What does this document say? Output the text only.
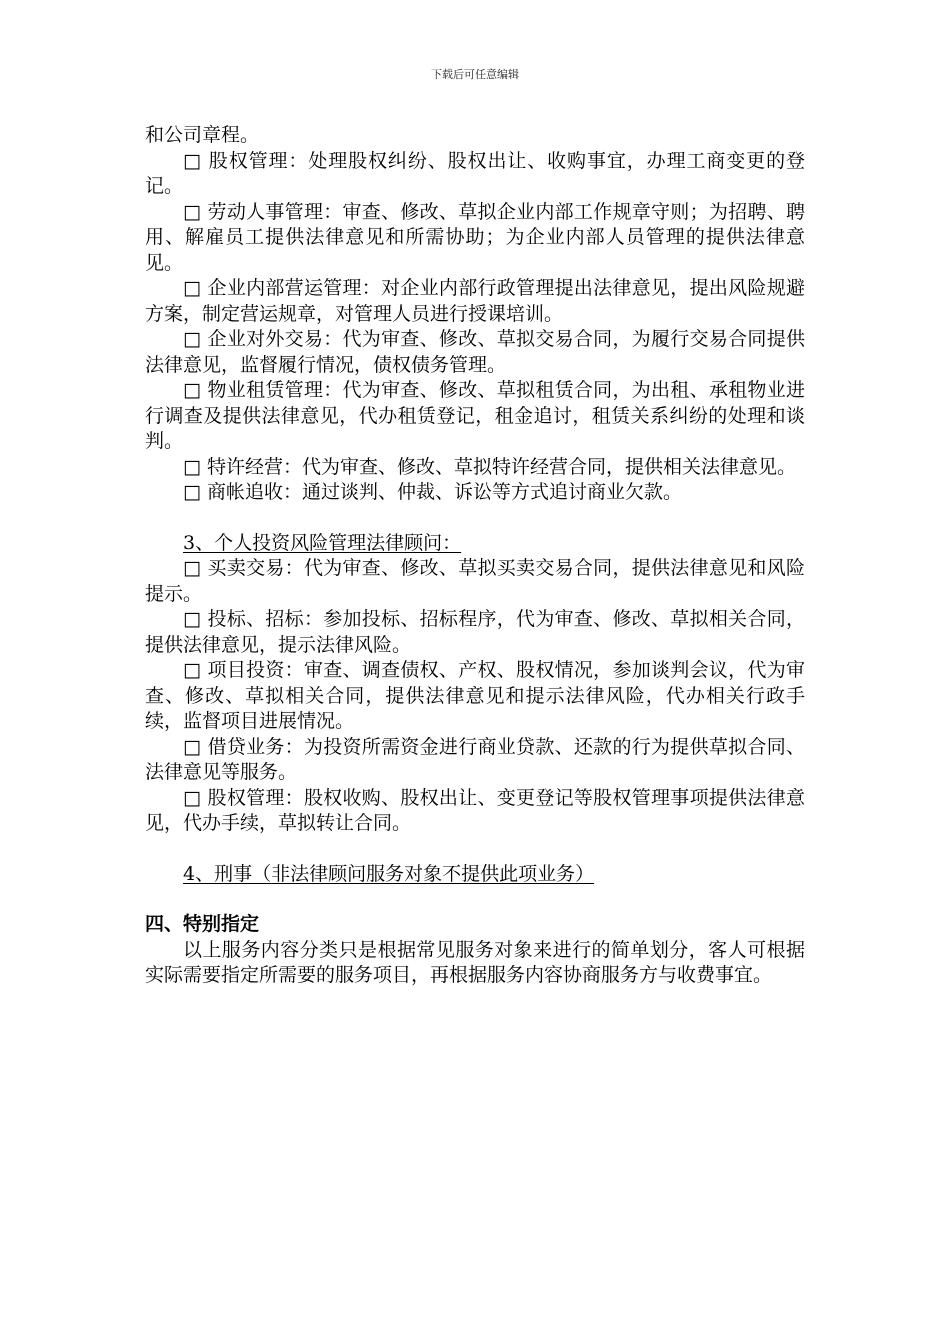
下载后可任意编辑

和公司章程。

□ 股权管理：处理股权纠纷、股权出让、收购事宜，办理工商变更的登记。

□ 劳动人事管理：审查、修改、草拟企业内部工作规章守则；为招聘、聘用、解雇员工提供法律意见和所需协助；为企业内部人员管理的提供法律意见。

□ 企业内部营运管理：对企业内部行政管理提出法律意见，提出风险规避方案，制定营运规章，对管理人员进行授课培训。

□ 企业对外交易：代为审查、修改、草拟交易合同，为履行交易合同提供法律意见，监督履行情况，债权债务管理。

□ 物业租赁管理：代为审查、修改、草拟租赁合同，为出租、承租物业进行调查及提供法律意见，代办租赁登记，租金追讨，租赁关系纠纷的处理和谈判。

□ 特许经营：代为审查、修改、草拟特许经营合同，提供相关法律意见。

□ 商帐追收：通过谈判、仲裁、诉讼等方式追讨商业欠款。

3、个人投资风险管理法律顾问：

□ 买卖交易：代为审查、修改、草拟买卖交易合同，提供法律意见和风险提示。

□ 投标、招标：参加投标、招标程序，代为审查、修改、草拟相关合同，提供法律意见，提示法律风险。

□ 项目投资：审查、调查债权、产权、股权情况，参加谈判会议，代为审查、修改、草拟相关合同，提供法律意见和提示法律风险，代办相关行政手续，监督项目进展情况。

□ 借贷业务：为投资所需资金进行商业贷款、还款的行为提供草拟合同、法律意见等服务。

□ 股权管理：股权收购、股权出让、变更登记等股权管理事项提供法律意见，代办手续，草拟转让合同。

4、刑事（非法律顾问服务对象不提供此项业务）

四、特别指定

以上服务内容分类只是根据常见服务对象来进行的简单划分，客人可根据实际需要指定所需要的服务项目，再根据服务内容协商服务方与收费事宜。
